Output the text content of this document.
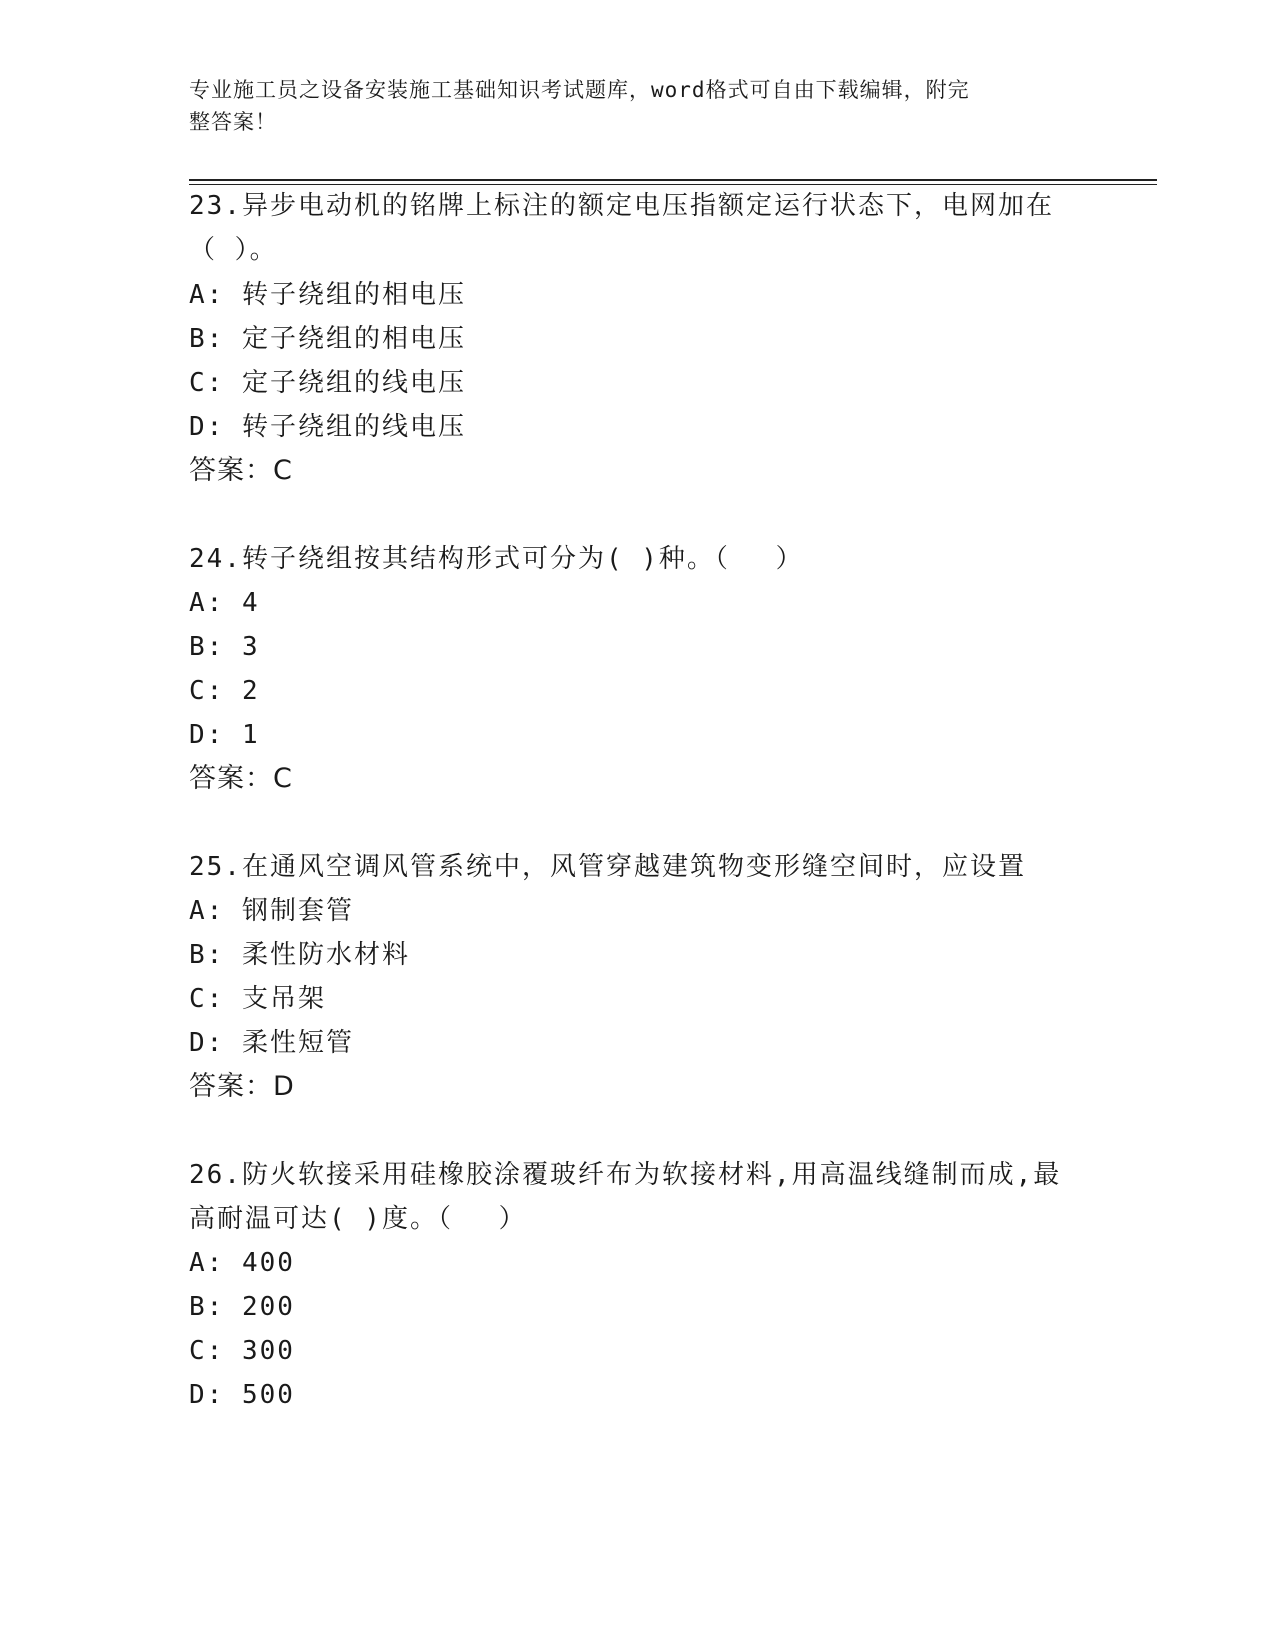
专业施工员之设备安装施工基础知识考试题库，word格式可自由下载编辑，附完
整答案！
23.异步电动机的铭牌上标注的额定电压指额定运行状态下，电网加在
（ ）。
A: 转子绕组的相电压
B: 定子绕组的相电压
C: 定子绕组的线电压
D: 转子绕组的线电压
答案：C
24.转子绕组按其结构形式可分为( )种。（　 ）
A: 4
B: 3
C: 2
D: 1
答案：C
25.在通风空调风管系统中，风管穿越建筑物变形缝空间时，应设置
A: 钢制套管
B: 柔性防水材料
C: 支吊架
D: 柔性短管
答案：D
26.防火软接采用硅橡胶涂覆玻纤布为软接材料,用高温线缝制而成,最
高耐温可达( )度。（　 ）
A: 400
B: 200
C: 300
D: 500
